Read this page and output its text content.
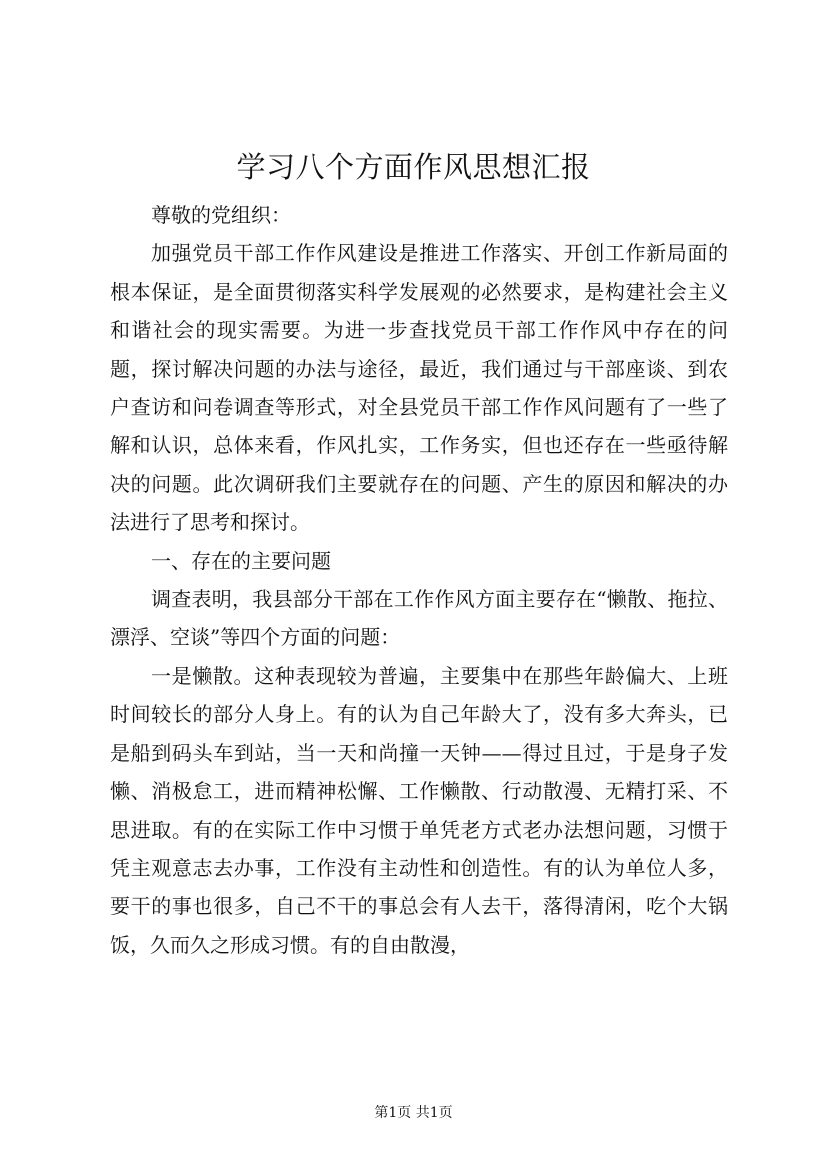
学习八个方面作风思想汇报

尊敬的党组织：

加强党员干部工作作风建设是推进工作落实、开创工作新局面的根本保证，是全面贯彻落实科学发展观的必然要求，是构建社会主义和谐社会的现实需要。为进一步查找党员干部工作作风中存在的问题，探讨解决问题的办法与途径，最近，我们通过与干部座谈、到农户查访和问卷调查等形式，对全县党员干部工作作风问题有了一些了解和认识，总体来看，作风扎实，工作务实，但也还存在一些亟待解决的问题。此次调研我们主要就存在的问题、产生的原因和解决的办法进行了思考和探讨。

一、存在的主要问题

调查表明，我县部分干部在工作作风方面主要存在“懒散、拖拉、漂浮、空谈”等四个方面的问题：

一是懒散。这种表现较为普遍，主要集中在那些年龄偏大、上班时间较长的部分人身上。有的认为自己年龄大了，没有多大奔头，已是船到码头车到站，当一天和尚撞一天钟——得过且过，于是身子发懒、消极怠工，进而精神松懈、工作懒散、行动散漫、无精打采、不思进取。有的在实际工作中习惯于单凭老方式老办法想问题，习惯于凭主观意志去办事，工作没有主动性和创造性。有的认为单位人多，要干的事也很多，自己不干的事总会有人去干，落得清闲，吃个大锅饭，久而久之形成习惯。有的自由散漫，

第1页 共1页
